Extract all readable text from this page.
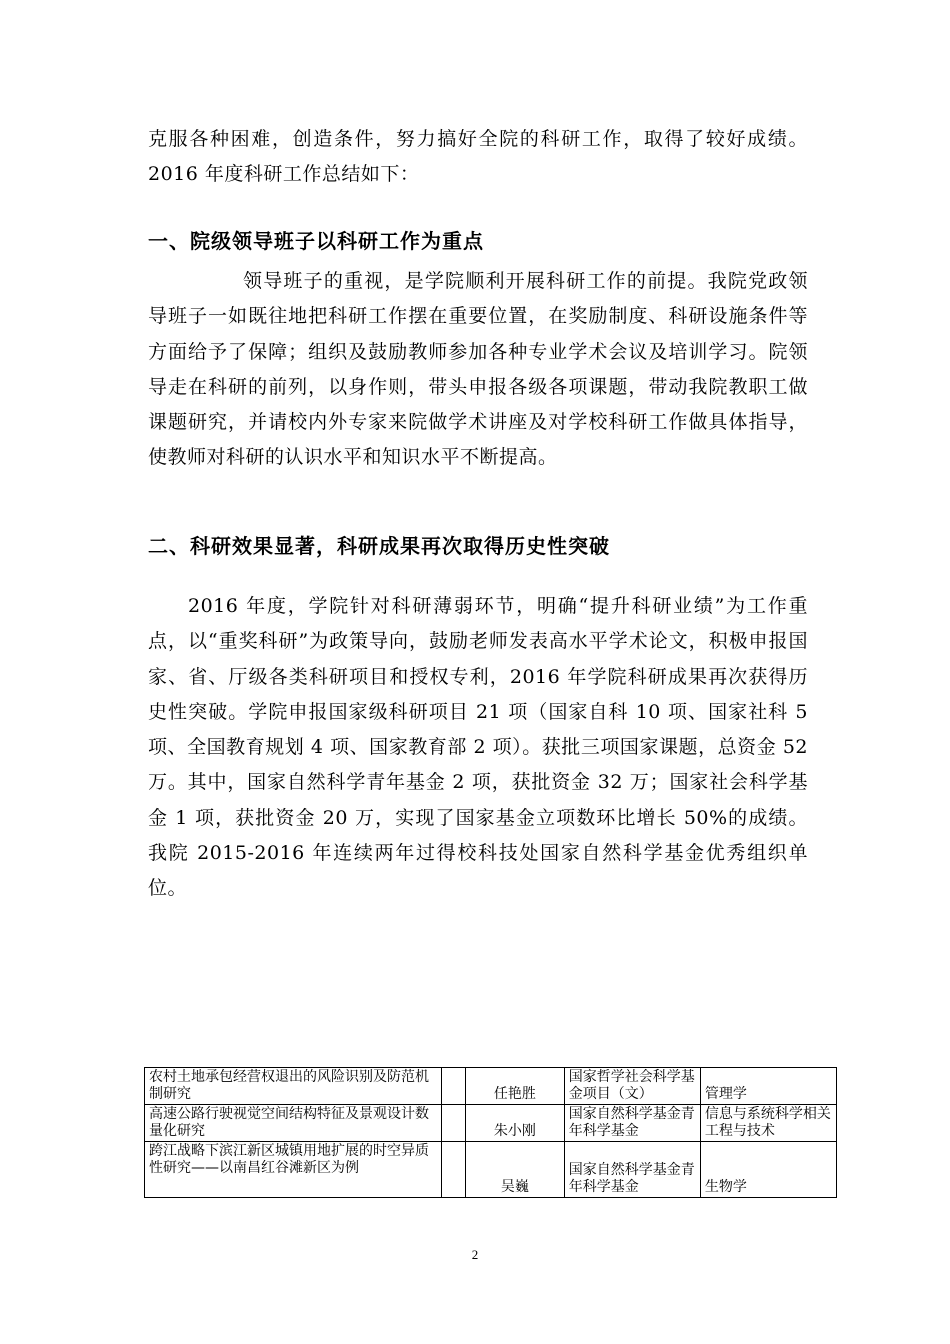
克服各种困难，创造条件，努力搞好全院的科研工作，取得了较好成绩。2016 年度科研工作总结如下：

一、院级领导班子以科研工作为重点

领导班子的重视，是学院顺利开展科研工作的前提。我院党政领导班子一如既往地把科研工作摆在重要位置，在奖励制度、科研设施条件等方面给予了保障；组织及鼓励教师参加各种专业学术会议及培训学习。院领导走在科研的前列，以身作则，带头申报各级各项课题，带动我院教职工做课题研究，并请校内外专家来院做学术讲座及对学校科研工作做具体指导，使教师对科研的认识水平和知识水平不断提高。

二、科研效果显著，科研成果再次取得历史性突破

2016 年度，学院针对科研薄弱环节，明确“提升科研业绩”为工作重点，以“重奖科研”为政策导向，鼓励老师发表高水平学术论文，积极申报国家、省、厅级各类科研项目和授权专利，2016 年学院科研成果再次获得历史性突破。学院申报国家级科研项目 21 项（国家自科 10 项、国家社科 5 项、全国教育规划 4 项、国家教育部 2 项）。获批三项国家课题，总资金 52 万。其中，国家自然科学青年基金 2 项，获批资金 32 万；国家社会科学基金 1 项，获批资金 20 万，实现了国家基金立项数环比增长 50%的成绩。我院 2015-2016 年连续两年过得校科技处国家自然科学基金优秀组织单位。

农村土地承包经营权退出的风险识别及防范机制研究		任艳胜	国家哲学社会科学基金项目（文）	管理学
高速公路行驶视觉空间结构特征及景观设计数量化研究		朱小刚	国家自然科学基金青年科学基金	信息与系统科学相关工程与技术
跨江战略下滨江新区城镇用地扩展的时空异质性研究——以南昌红谷滩新区为例		吴巍	国家自然科学基金青年科学基金	生物学
2
